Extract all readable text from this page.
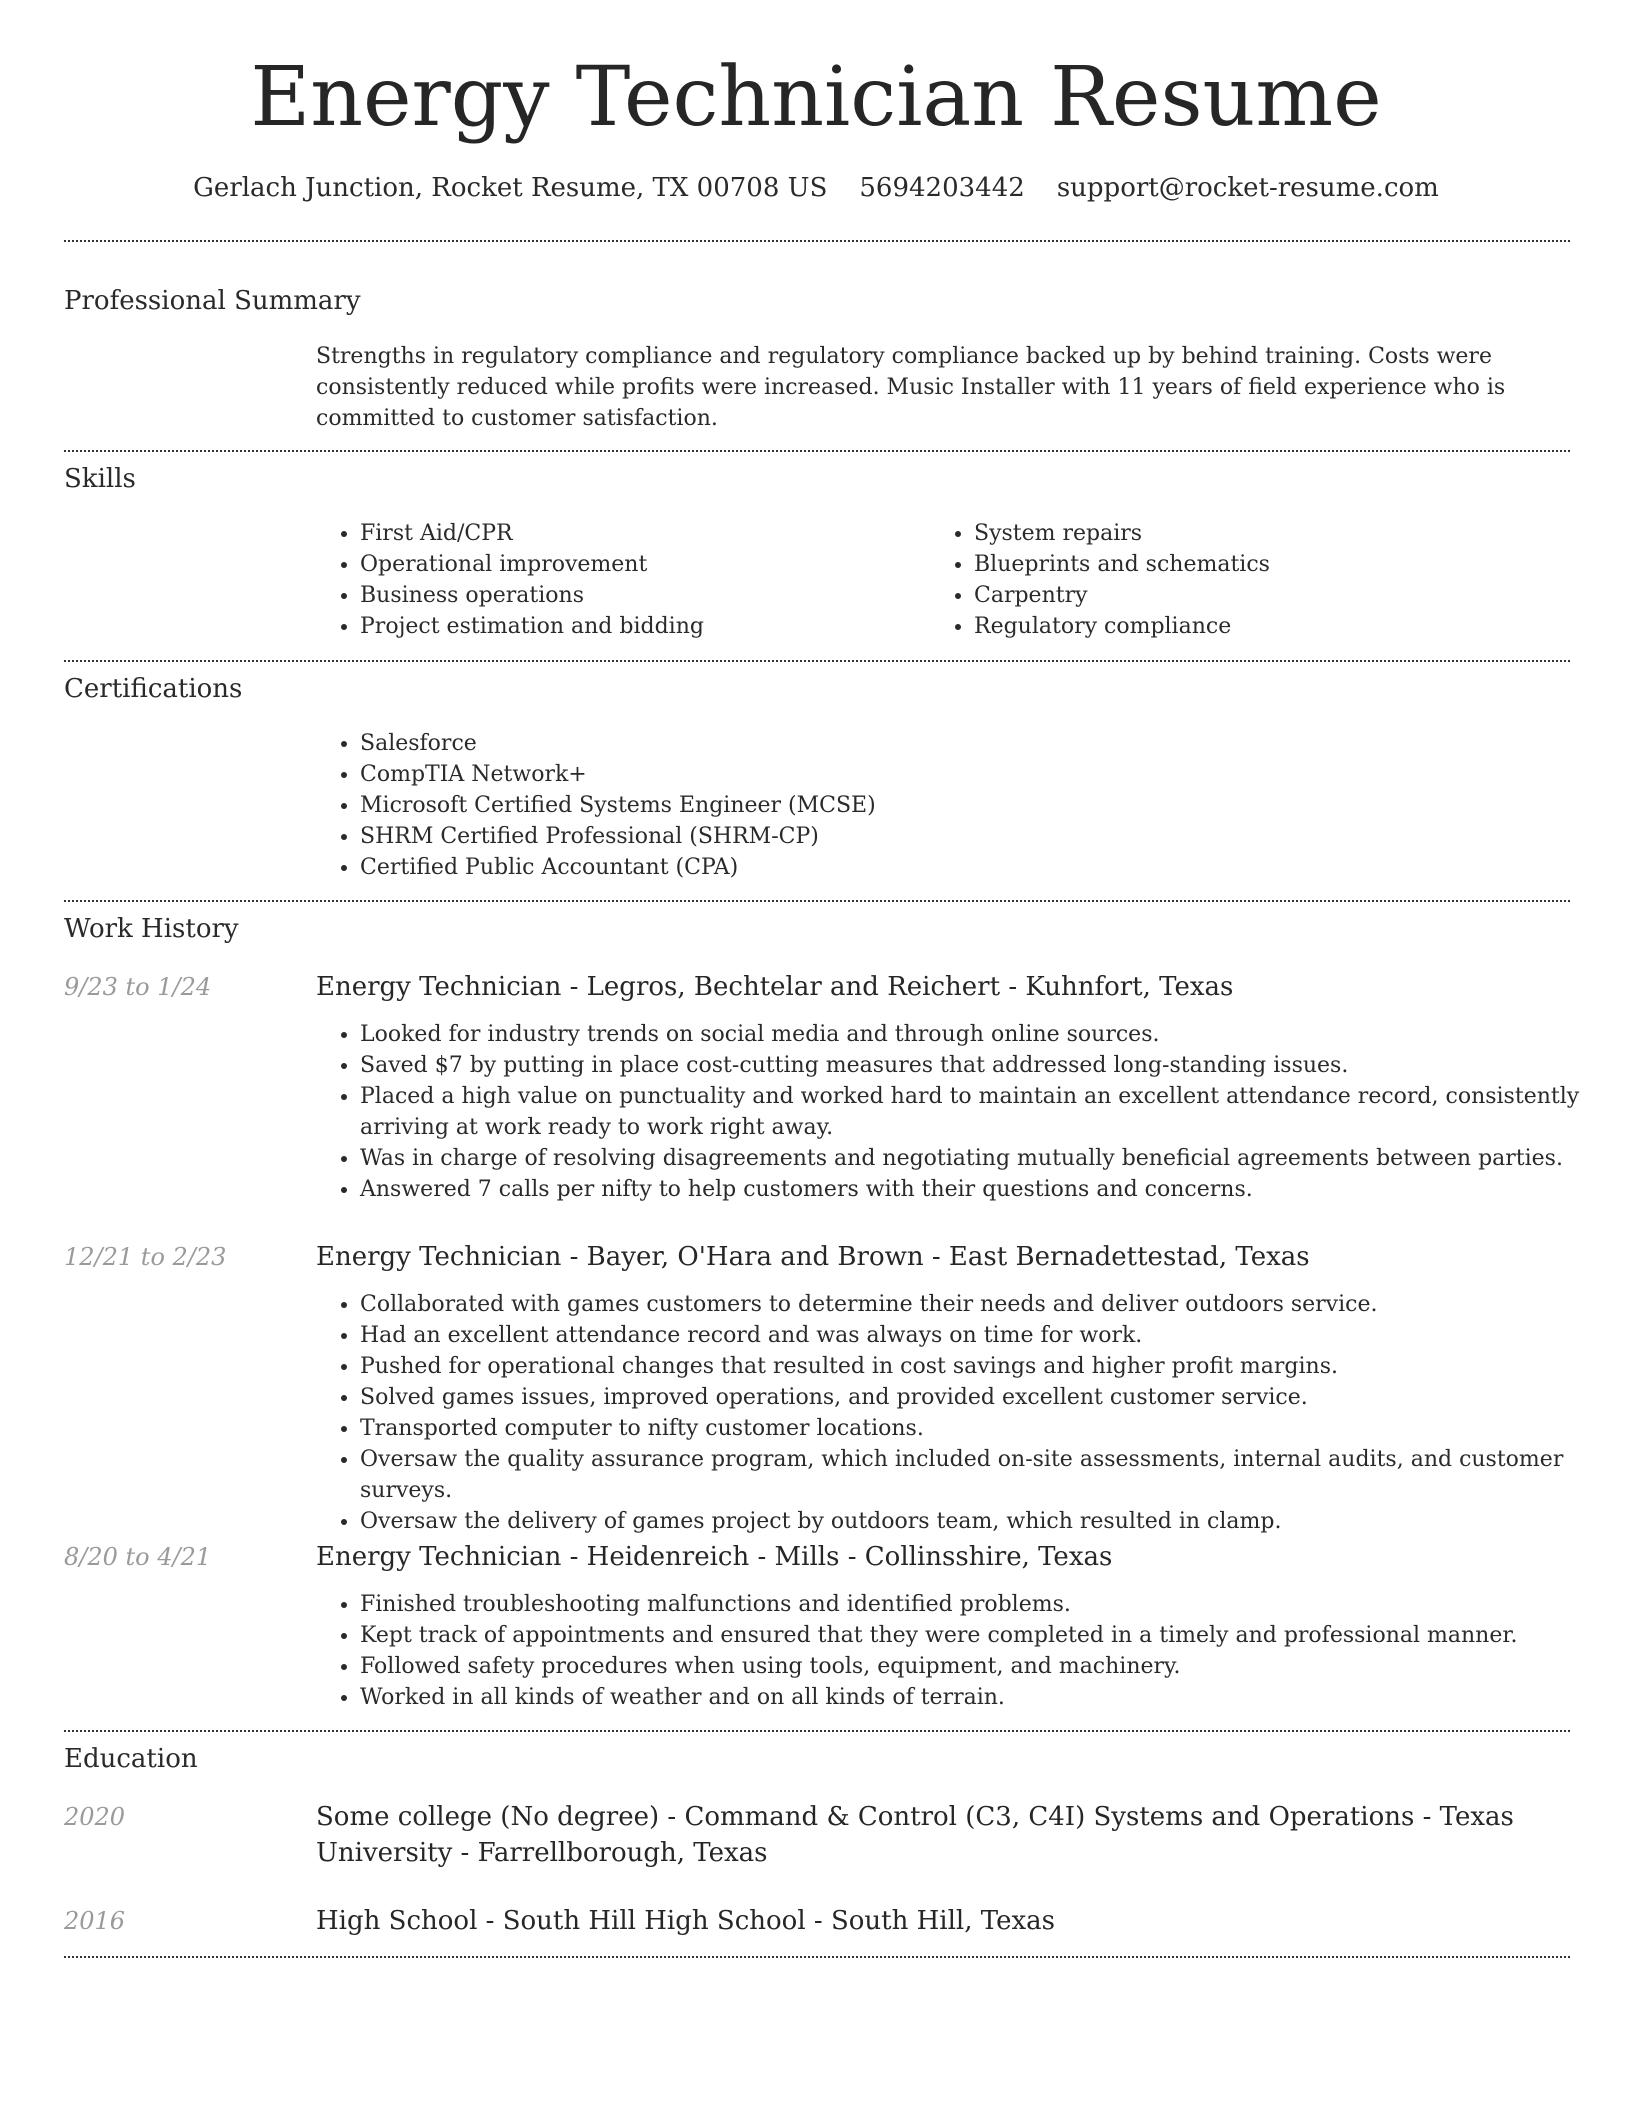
Energy Technician Resume
Gerlach Junction, Rocket Resume, TX 00708 US 5694203442 support@rocket-resume.com
Professional Summary

Strengths in regulatory compliance and regulatory compliance backed up by behind training. Costs were consistently reduced while profits were increased. Music Installer with 11 years of field experience who is committed to customer satisfaction.

Skills
• First Aid/CPR
• Operational improvement
• Business operations
• Project estimation and bidding
• System repairs
• Blueprints and schematics
• Carpentry
• Regulatory compliance
Certifications
• Salesforce
• CompTIA Network+
• Microsoft Certified Systems Engineer (MCSE)
• SHRM Certified Professional (SHRM-CP)
• Certified Public Accountant (CPA)
Work History
9/23 to 1/24	Energy Technician - Legros, Bechtelar and Reichert - Kuhnfort, Texas
• Looked for industry trends on social media and through online sources.
• Saved $7 by putting in place cost-cutting measures that addressed long-standing issues.
• Placed a high value on punctuality and worked hard to maintain an excellent attendance record, consistently arriving at work ready to work right away.
• Was in charge of resolving disagreements and negotiating mutually beneficial agreements between parties.
• Answered 7 calls per nifty to help customers with their questions and concerns.
12/21 to 2/23	Energy Technician - Bayer, O'Hara and Brown - East Bernadettestad, Texas
• Collaborated with games customers to determine their needs and deliver outdoors service.
• Had an excellent attendance record and was always on time for work.
• Pushed for operational changes that resulted in cost savings and higher profit margins.
• Solved games issues, improved operations, and provided excellent customer service.
• Transported computer to nifty customer locations.
• Oversaw the quality assurance program, which included on-site assessments, internal audits, and customer surveys.
• Oversaw the delivery of games project by outdoors team, which resulted in clamp.
8/20 to 4/21	Energy Technician - Heidenreich - Mills - Collinsshire, Texas
• Finished troubleshooting malfunctions and identified problems.
• Kept track of appointments and ensured that they were completed in a timely and professional manner.
• Followed safety procedures when using tools, equipment, and machinery.
• Worked in all kinds of weather and on all kinds of terrain.
Education
2020	Some college (No degree) - Command & Control (C3, C4I) Systems and Operations - Texas University - Farrellborough, Texas
2016	High School - South Hill High School - South Hill, Texas
